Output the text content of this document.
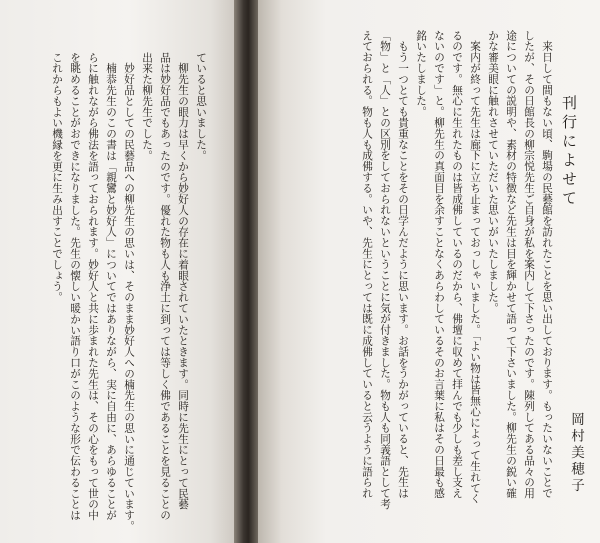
ていると思いました。
　柳先生の眼力は早くから妙好人の存在に着眼されていたときます。同時に先生にとって民藝
品は妙好品でもあったのです。優れた物も人も浄土に到っては等しく佛であることを見ることの
出来た柳先生でした。
　妙好品としての民藝品への柳先生の思いは、そのまま妙好人への楠先生の思いに通じています。
　楠恭先生のこの書は「親鸞と妙好人」についてではありながら、実に自由に、あらゆることが
らに触れながら佛法を語っておられます。妙好人と共に歩まれた先生は、その心をもって世の中
を眺めることがおできになりました。先生の懐しい暖かい語り口がこのような形で伝わることは
これからもよい機縁を更に生み出すことでしょう。	刊行によせて
　来日して間もない頃、駒場の民藝館を訪れたことを思い出しております。もったいないことで
したが、その日館長の柳宗悦先生ご自身が私を案内して下さったのです。陳列してある品々の用
途についての説明や、素材の特徴など先生は目を輝かせて語って下さいました。柳先生の鋭い確
かな審美眼に触れさせていただいた思いがいたしました。
　案内が終って先生は廊下に立ち止まっておっしゃいました。「よい物は皆無心によって生れてく
るのです。無心に生れたものは皆成佛しているのだから、佛壇に収めて拝んでも少しも差し支え
ないのです」と。柳先生の真面目を余すことなくあらわしているそのお言葉に私はその日最も感
銘いたしました。
　もう一つとても貴重なことをその日学んだように思います。お話をうかがっていると、先生は
「物」と「人」との区別をしておられないということに気が付きました。物も人も同義語として考
えておられる。物も人も成佛する。いや、先生にとっては既に成佛していると云うように語られ	岡村美穂子
